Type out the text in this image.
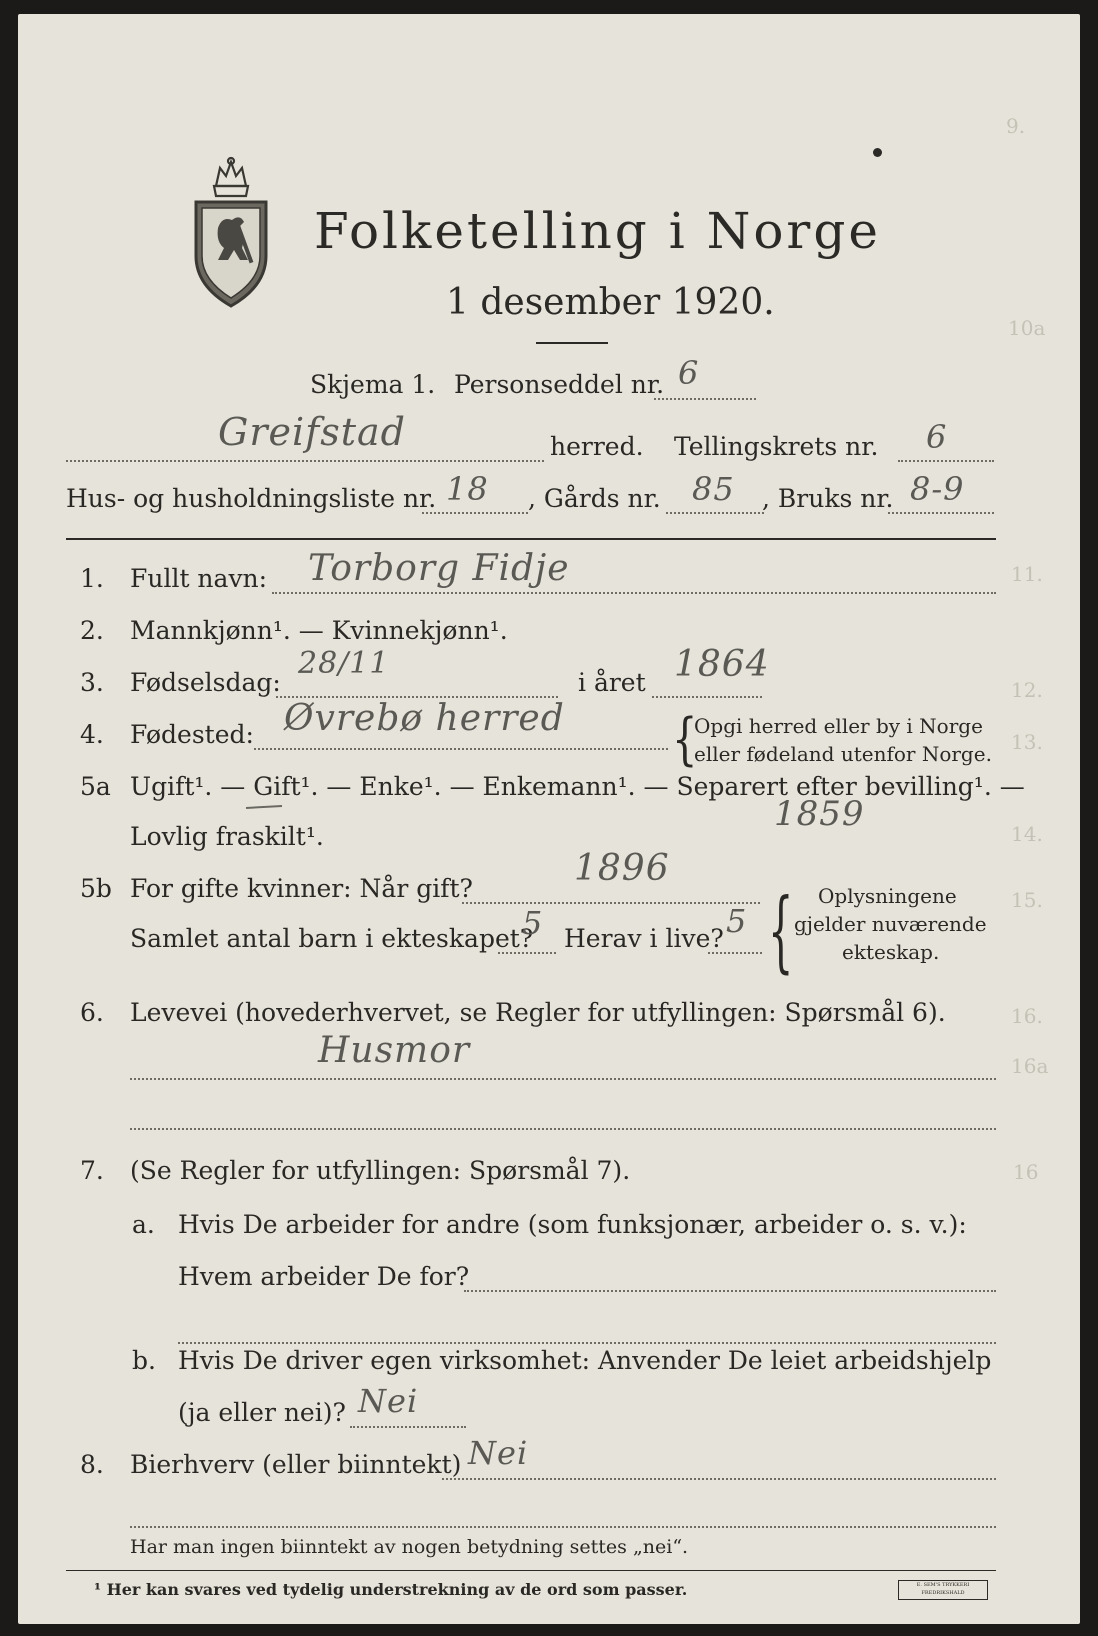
9.
10a
11.
12.
13.
14.
15.
16.
16a
16
Folketelling i Norge
1 desember 1920.
Skjema 1. Personseddel nr. 6
Greifstad	herred. Tellingskrets nr. 6
Hus- og husholdningsliste nr. 18 , Gårds nr. 85 , Bruks nr. 8-9
1. Fullt navn: Torborg Fidje
2. Mannkjønn¹. — Kvinnekjønn¹.
3. Fødselsdag:
28/11
i året 1864
4. Fødested: Øvrebø herred	{
Opgi herred eller by i Norge
eller fødeland utenfor Norge.
5a Ugift¹. — Gift¹. — Enke¹. — Enkemann¹. — Separert efter bevilling¹. —
1859
Lovlig fraskilt¹.
5b For gifte kvinner: Når gift?	1896
Samlet antal barn i ekteskapet?
5 Herav i live? 5 { Oplysningene
gjelder nuværende
ekteskap.
6. Levevei (hovederhvervet, se Regler for utfyllingen: Spørsmål 6).
Husmor
7. (Se Regler for utfyllingen: Spørsmål 7).
a. Hvis De arbeider for andre (som funksjonær, arbeider o. s. v.):
Hvem arbeider De for?
b. Hvis De driver egen virksomhet: Anvender De leiet arbeidshjelp
(ja eller nei)? Nei
8. Bierhverv (eller biinntekt) Nei
Har man ingen biinntekt av nogen betydning settes „nei“.
¹ Her kan svares ved tydelig understrekning av de ord som passer.	E. SEM'S TRYKKERI FREDRIKSHALD
